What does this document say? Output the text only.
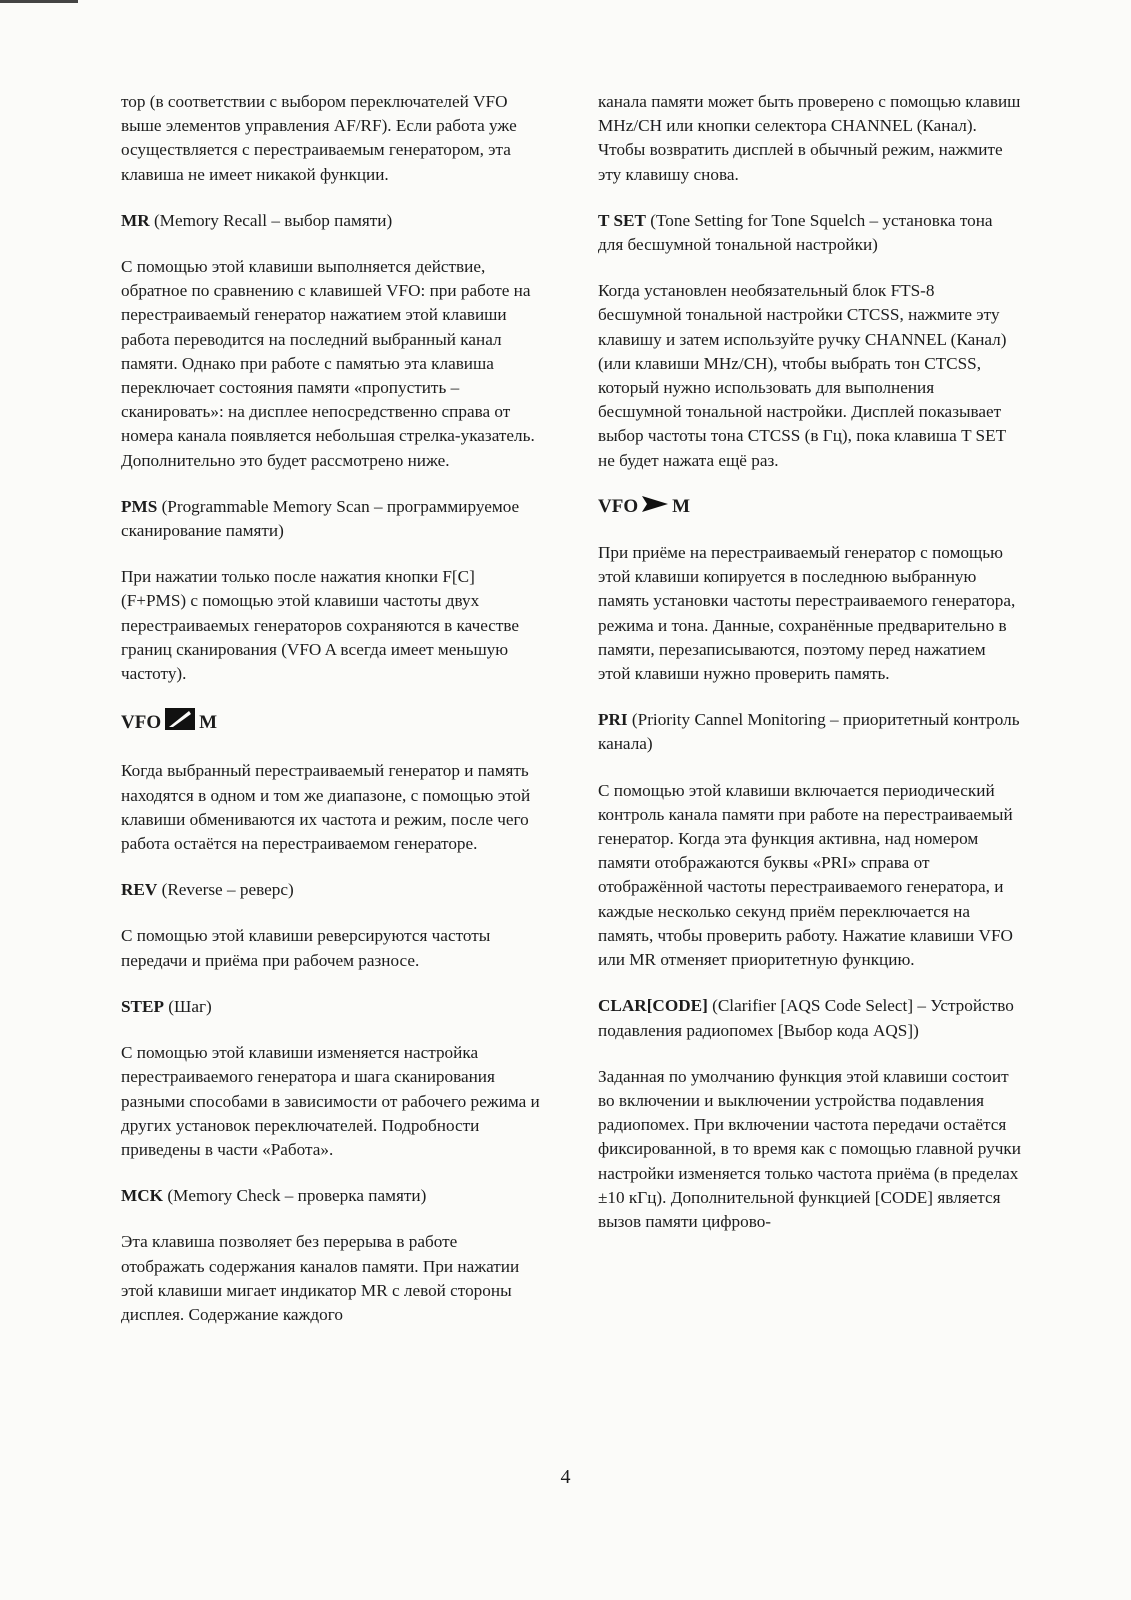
тор (в соответствии с выбором переключателей VFO выше элементов управления AF/RF). Если работа уже осуществляется с перестраиваемым генератором, эта клавиша не имеет никакой функции.

MR (Memory Recall – выбор памяти)

С помощью этой клавиши выполняется действие, обратное по сравнению с клавишей VFO: при работе на перестраиваемый генератор нажатием этой клавиши работа переводится на последний выбранный канал памяти. Однако при работе с памятью эта клавиша переключает состояния памяти «пропустить – сканировать»: на дисплее непосредственно справа от номера канала появляется небольшая стрелка-указатель. Дополнительно это будет рассмотрено ниже.

PMS (Programmable Memory Scan – программируемое сканирование памяти)

При нажатии только после нажатия кнопки F[C] (F+PMS) с помощью этой клавиши частоты двух перестраиваемых генераторов сохраняются в качестве границ сканирования (VFO A всегда имеет меньшую частоту).

VFO M

Когда выбранный перестраиваемый генератор и память находятся в одном и том же диапазоне, с помощью этой клавиши обмениваются их частота и режим, после чего работа остаётся на перестраиваемом генераторе.

REV (Reverse – реверс)

С помощью этой клавиши реверсируются частоты передачи и приёма при рабочем разносе.

STEP (Шаг)

С помощью этой клавиши изменяется настройка перестраиваемого генератора и шага сканирования разными способами в зависимости от рабочего режима и других установок переключателей. Подробности приведены в части «Работа».

MCK (Memory Check – проверка памяти)

Эта клавиша позволяет без перерыва в работе отображать содержания каналов памяти. При нажатии этой клавиши мигает индикатор MR с левой стороны дисплея. Содержание каждого

канала памяти может быть проверено с помощью клавиш MHz/CH или кнопки селектора CHANNEL (Канал). Чтобы возвратить дисплей в обычный режим, нажмите эту клавишу снова.

T SET (Tone Setting for Tone Squelch – установка тона для бесшумной тональной настройки)

Когда установлен необязательный блок FTS-8 бесшумной тональной настройки CTCSS, нажмите эту клавишу и затем используйте ручку CHANNEL (Канал) (или клавиши MHz/CH), чтобы выбрать тон CTCSS, который нужно использовать для выполнения бесшумной тональной настройки. Дисплей показывает выбор частоты тона CTCSS (в Гц), пока клавиша T SET не будет нажата ещё раз.

VFO M

При приёме на перестраиваемый генератор с помощью этой клавиши копируется в последнюю выбранную память установки частоты перестраиваемого генератора, режима и тона. Данные, сохранённые предварительно в памяти, перезаписываются, поэтому перед нажатием этой клавиши нужно проверить память.

PRI (Priority Cannel Monitoring – приоритетный контроль канала)

С помощью этой клавиши включается периодический контроль канала памяти при работе на перестраиваемый генератор. Когда эта функция активна, над номером памяти отображаются буквы «PRI» справа от отображённой частоты перестраиваемого генератора, и каждые несколько секунд приём переключается на память, чтобы проверить работу. Нажатие клавиши VFO или MR отменяет приоритетную функцию.

CLAR[CODE] (Clarifier [AQS Code Select] – Устройство подавления радиопомех [Выбор кода AQS])

Заданная по умолчанию функция этой клавиши состоит во включении и выключении устройства подавления радиопомех. При включении частота передачи остаётся фиксированной, в то время как с помощью главной ручки настройки изменяется только частота приёма (в пределах ±10 кГц). Дополнительной функцией [CODE] является вызов памяти цифрово-

4
